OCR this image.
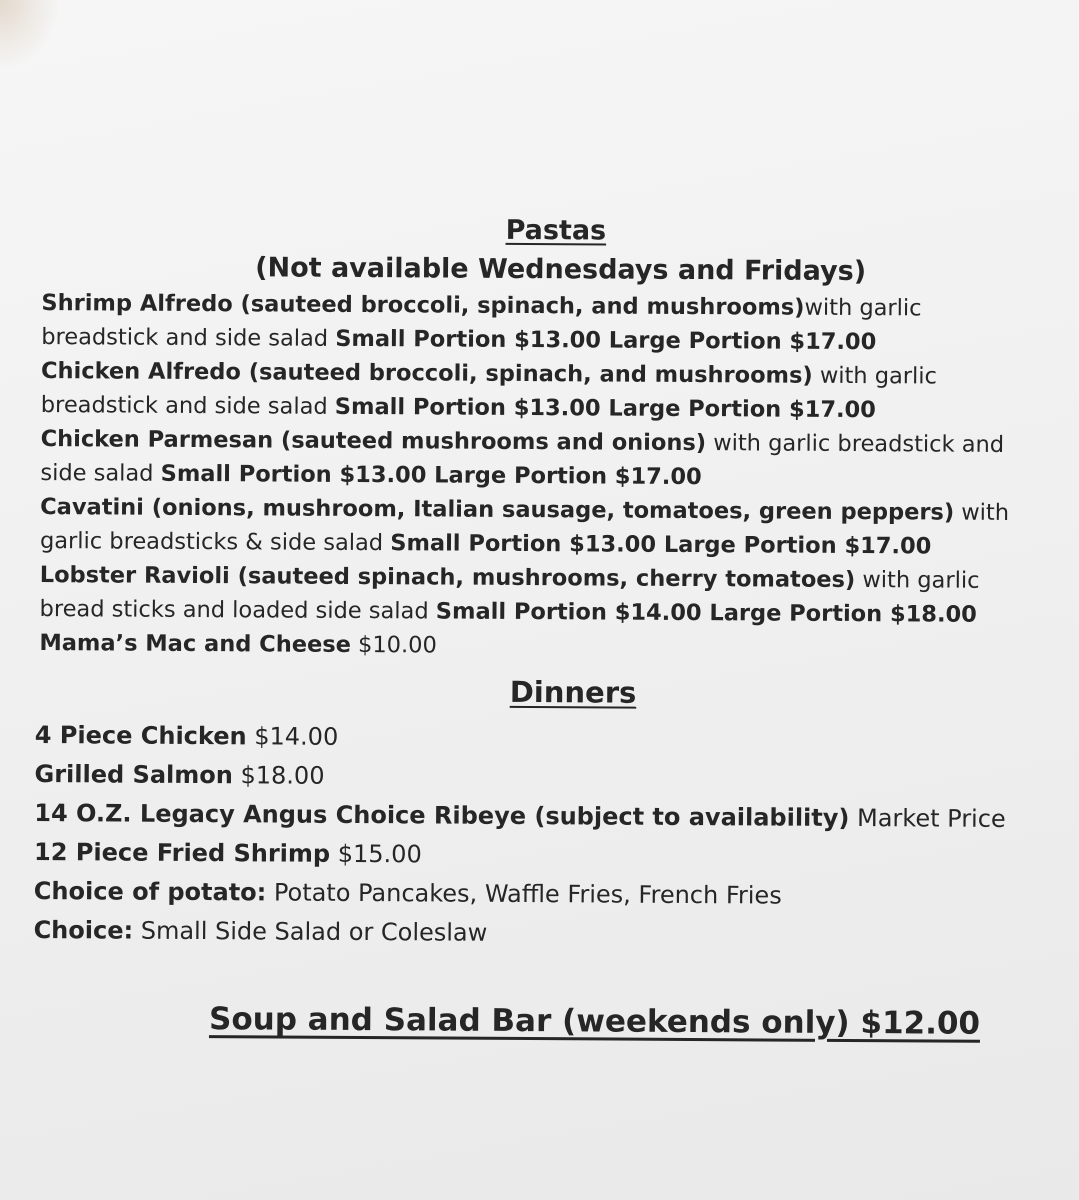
Pastas
(Not available Wednesdays and Fridays)

Shrimp Alfredo (sauteed broccoli, spinach, and mushrooms)with garlic breadstick and side salad Small Portion $13.00 Large Portion $17.00

Chicken Alfredo (sauteed broccoli, spinach, and mushrooms) with garlic breadstick and side salad Small Portion $13.00 Large Portion $17.00

Chicken Parmesan (sauteed mushrooms and onions) with garlic breadstick and side salad Small Portion $13.00 Large Portion $17.00

Cavatini (onions, mushroom, Italian sausage, tomatoes, green peppers) with garlic breadsticks & side salad Small Portion $13.00 Large Portion $17.00

Lobster Ravioli (sauteed spinach, mushrooms, cherry tomatoes) with garlic bread sticks and loaded side salad Small Portion $14.00 Large Portion $18.00

Mama’s Mac and Cheese $10.00

Dinners

4 Piece Chicken $14.00

Grilled Salmon $18.00

14 O.Z. Legacy Angus Choice Ribeye (subject to availability) Market Price

12 Piece Fried Shrimp $15.00

Choice of potato: Potato Pancakes, Waffle Fries, French Fries

Choice: Small Side Salad or Coleslaw

Soup and Salad Bar (weekends only) $12.00
